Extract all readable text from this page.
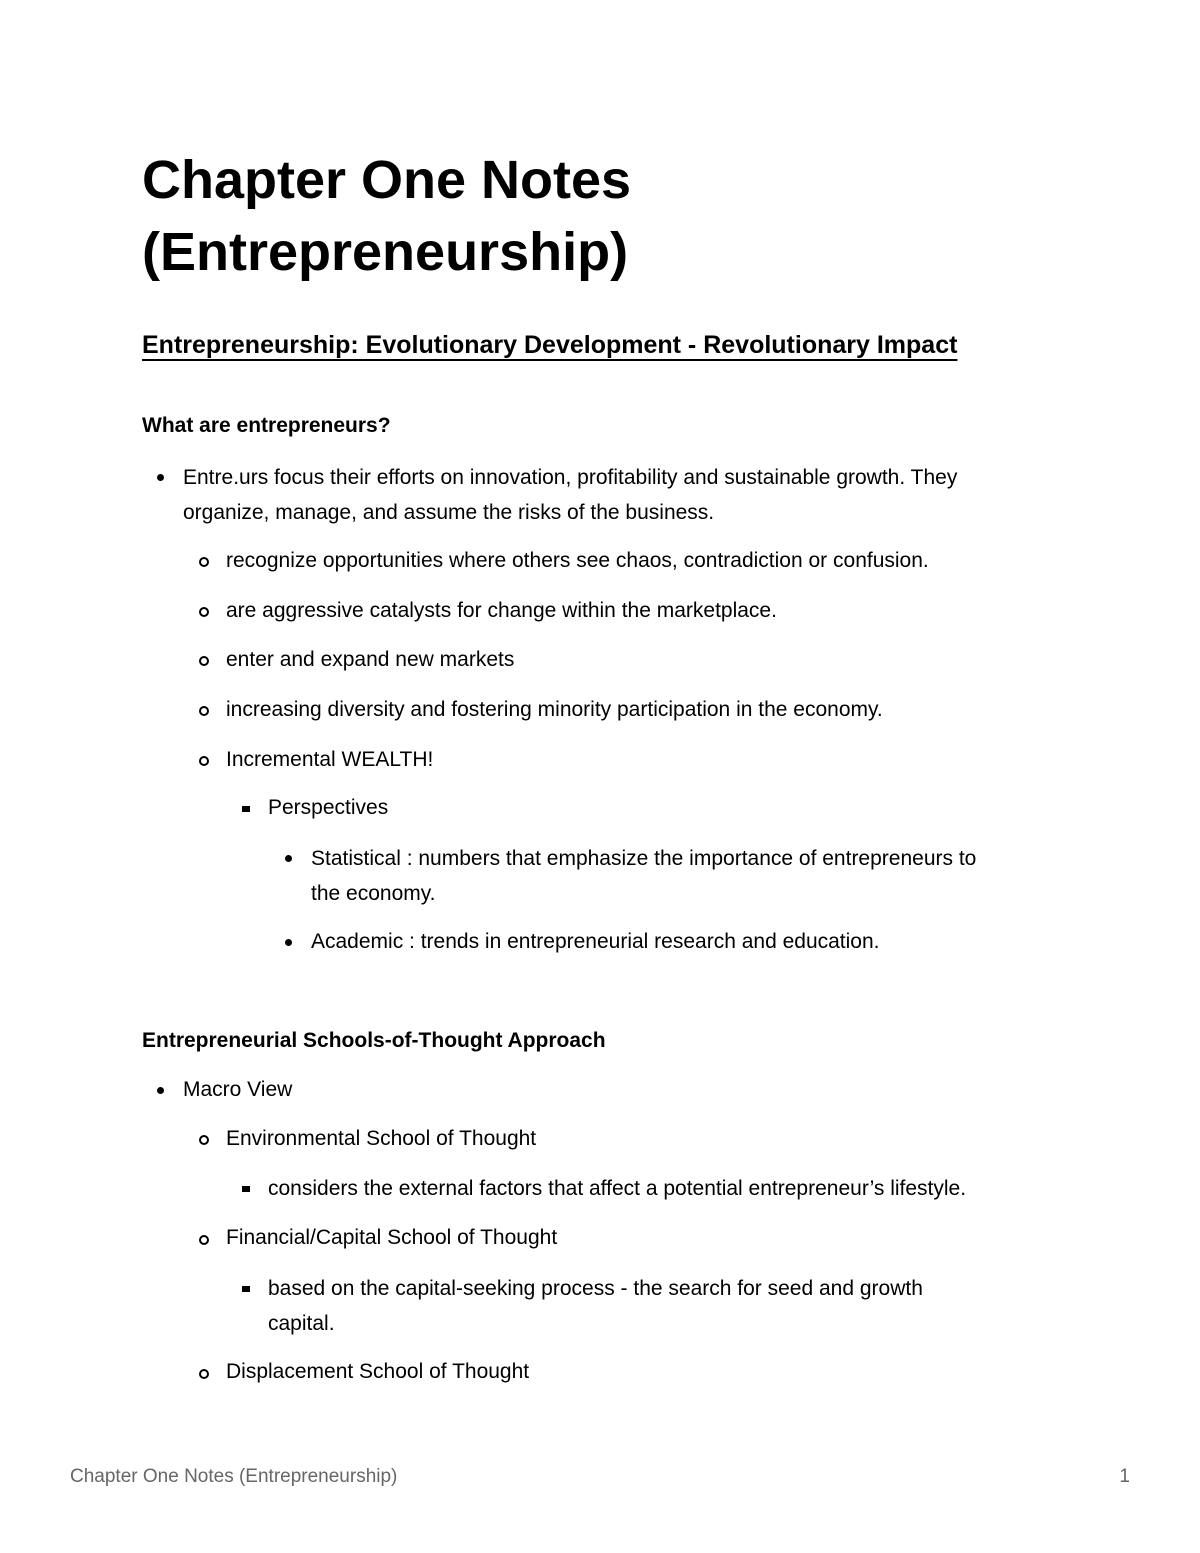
Chapter One Notes
(Entrepreneurship)
Entrepreneurship: Evolutionary Development - Revolutionary Impact
What are entrepreneurs?
Entre.urs focus their efforts on innovation, profitability and sustainable growth. They
organize, manage, and assume the risks of the business.
recognize opportunities where others see chaos, contradiction or confusion.
are aggressive catalysts for change within the marketplace.
enter and expand new markets
increasing diversity and fostering minority participation in the economy.
Incremental WEALTH!
Perspectives
Statistical : numbers that emphasize the importance of entrepreneurs to
the economy.
Academic : trends in entrepreneurial research and education.
Entrepreneurial Schools-of-Thought Approach
Macro View
Environmental School of Thought
considers the external factors that affect a potential entrepreneur’s lifestyle.
Financial/Capital School of Thought
based on the capital-seeking process - the search for seed and growth
capital.
Displacement School of Thought
Chapter One Notes (Entrepreneurship)	1
